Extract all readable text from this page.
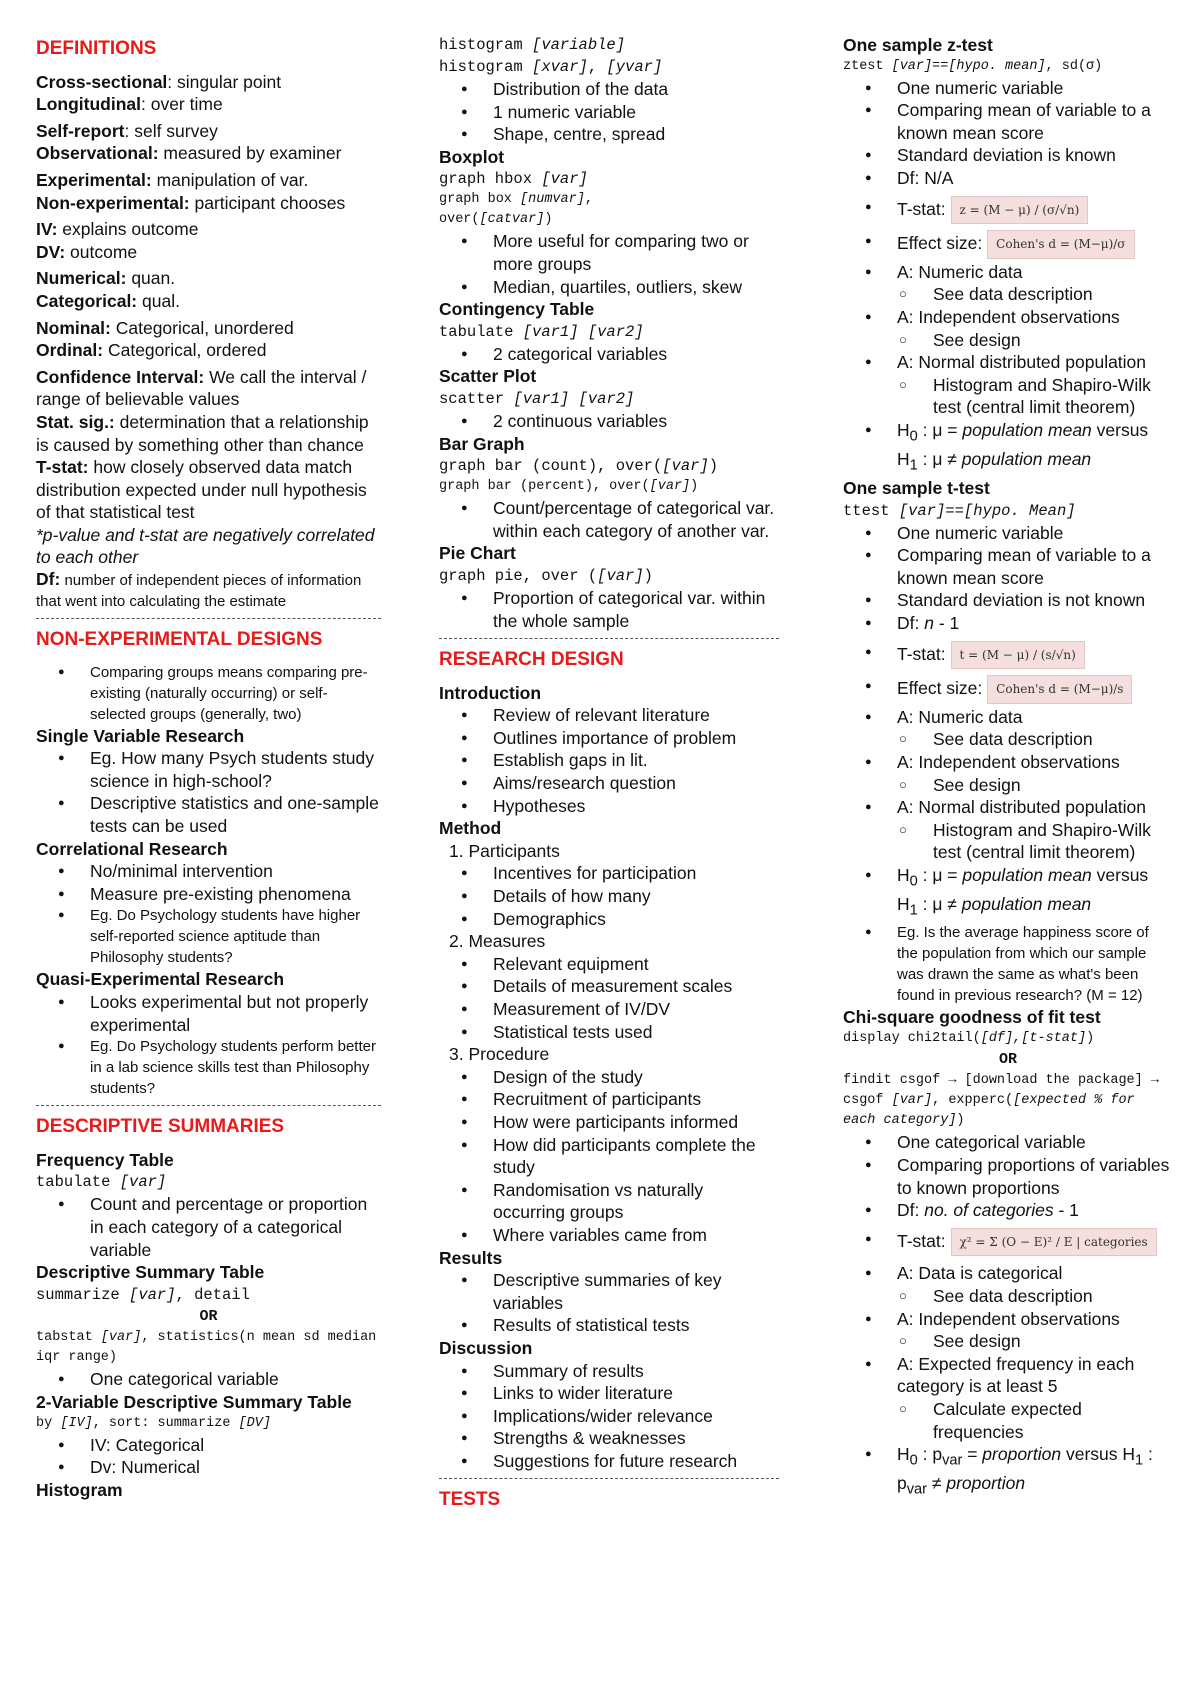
DEFINITIONS

Cross-sectional: singular point

Longitudinal: over time

Self-report: self survey

Observational: measured by examiner

Experimental: manipulation of var.

Non-experimental: participant chooses

IV: explains outcome

DV: outcome

Numerical: quan.

Categorical: qual.

Nominal: Categorical, unordered

Ordinal: Categorical, ordered

Confidence Interval: We call the interval / range of believable values

Stat. sig.: determination that a relationship is caused by something other than chance

T-stat: how closely observed data match distribution expected under null hypothesis of that statistical test

*p-value and t-stat are negatively correlated to each other

Df: number of independent pieces of information that went into calculating the estimate

NON-EXPERIMENTAL DESIGNS
● Comparing groups means comparing pre-existing (naturally occurring) or self-selected groups (generally, two)

Single Variable Research

● Eg. How many Psych students study science in high-school?
● Descriptive statistics and one-sample tests can be used

Correlational Research

● No/minimal intervention
● Measure pre-existing phenomena
● Eg. Do Psychology students have higher self-reported science aptitude than Philosophy students?

Quasi-Experimental Research

● Looks experimental but not properly experimental
● Eg. Do Psychology students perform better in a lab science skills test than Philosophy students?
DESCRIPTIVE SUMMARIES

Frequency Table

tabulate [var]

● Count and percentage or proportion in each category of a categorical variable

Descriptive Summary Table

summarize [var], detail

OR

tabstat [var], statistics(n mean sd median iqr range)

● One categorical variable

2-Variable Descriptive Summary Table

by [IV], sort: summarize [DV]

● IV: Categorical
● Dv: Numerical

Histogram

histogram [variable]

histogram [xvar], [yvar]

● Distribution of the data
● 1 numeric variable
● Shape, centre, spread

Boxplot

graph hbox [var]

graph box [numvar],

over([catvar])

● More useful for comparing two or more groups
● Median, quartiles, outliers, skew

Contingency Table

tabulate [var1] [var2]

● 2 categorical variables

Scatter Plot

scatter [var1] [var2]

● 2 continuous variables

Bar Graph

graph bar (count), over([var])

graph bar (percent), over([var])

● Count/percentage of categorical var. within each category of another var.

Pie Chart

graph pie, over ([var])

● Proportion of categorical var. within the whole sample
RESEARCH DESIGN

Introduction

● Review of relevant literature
● Outlines importance of problem
● Establish gaps in lit.
● Aims/research question
● Hypotheses

Method

1. Participants
● Incentives for participation
● Details of how many
● Demographics
2. Measures
● Relevant equipment
● Details of measurement scales
● Measurement of IV/DV
● Statistical tests used
3. Procedure
● Design of the study
● Recruitment of participants
● How were participants informed
● How did participants complete the study
● Randomisation vs naturally occurring groups
● Where variables came from

Results

● Descriptive summaries of key variables
● Results of statistical tests

Discussion

● Summary of results
● Links to wider literature
● Implications/wider relevance
● Strengths & weaknesses
● Suggestions for future research
TESTS

One sample z-test

ztest [var]==[hypo. mean], sd(σ)

● One numeric variable
● Comparing mean of variable to a known mean score
● Standard deviation is known
● Df: N/A
● T-stat: z = (M − μ) / (σ/√n)
● Effect size: Cohen's d = (M−μ)/σ
● A: Numeric data
○ See data description
● A: Independent observations
○ See design
● A: Normal distributed population
○ Histogram and Shapiro-Wilk test (central limit theorem)
● $H_0$ : μ = population mean versus
$H_1$ : μ ≠ population mean

One sample t-test

ttest [var]==[hypo. Mean]

● One numeric variable
● Comparing mean of variable to a known mean score
● Standard deviation is not known
● Df: n - 1
● T-stat: t = (M − μ) / (s/√n)
● Effect size: Cohen's d = (M−μ)/s
● A: Numeric data
○ See data description
● A: Independent observations
○ See design
● A: Normal distributed population
○ Histogram and Shapiro-Wilk test (central limit theorem)
● $H_0$ : μ = population mean versus
$H_1$ : μ ≠ population mean
● Eg. Is the average happiness score of the population from which our sample was drawn the same as what's been found in previous research? (M = 12)

Chi-square goodness of fit test

display chi2tail([df],[t-stat])

OR

findit csgof → [download the package] → csgof [var], expperc([expected % for each category])

● One categorical variable
● Comparing proportions of variables to known proportions
● Df: no. of categories - 1
● T-stat: χ² = Σ (O − E)² / E | categories
● A: Data is categorical
○ See data description
● A: Independent observations
○ See design
● A: Expected frequency in each category is at least 5
○ Calculate expected frequencies
● $H_0$ : $p_{var}$ = proportion versus $H_1$ :
$p_{var}$ ≠ proportion
